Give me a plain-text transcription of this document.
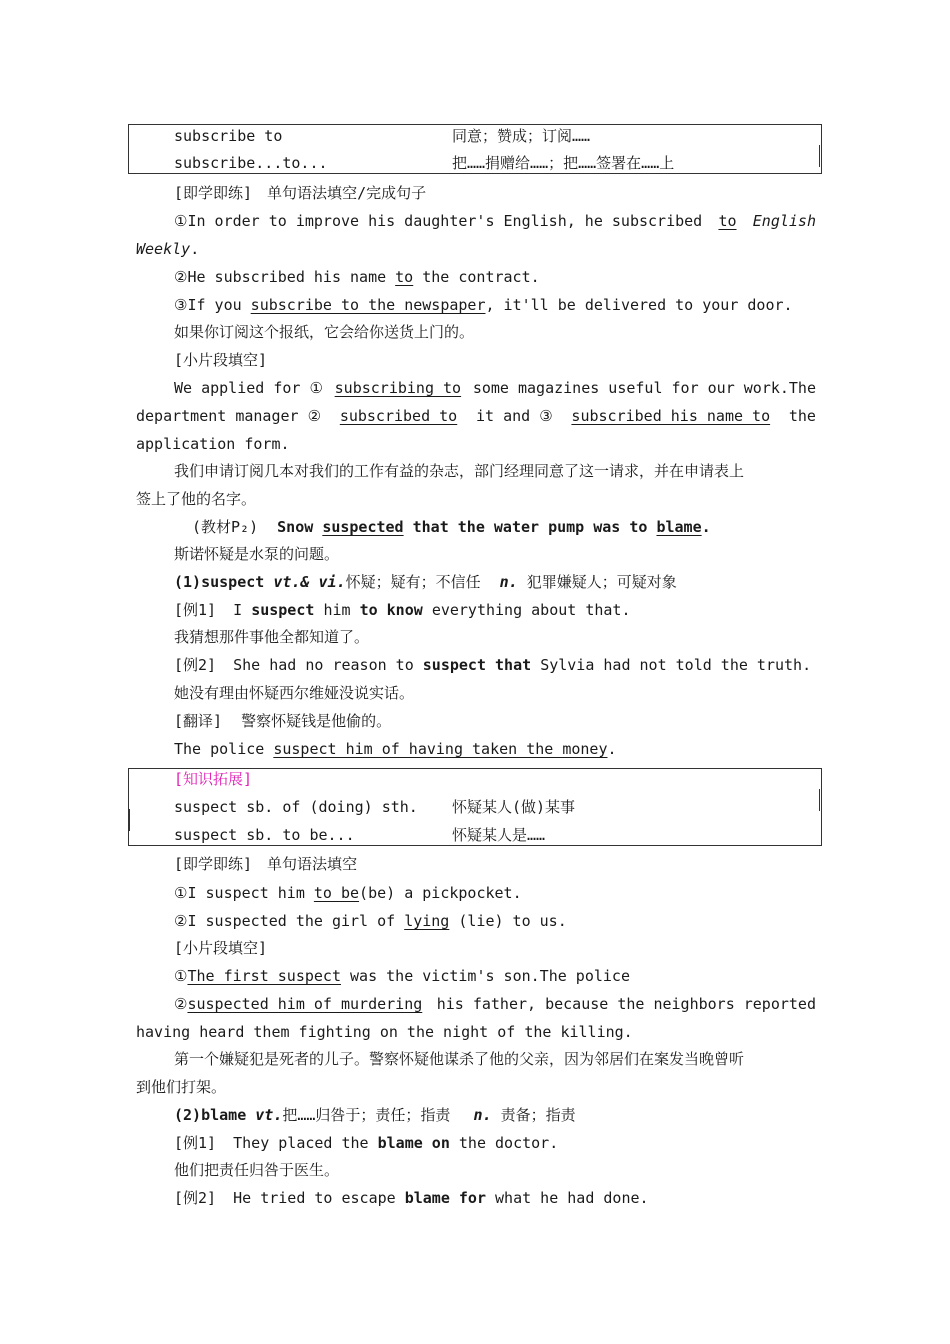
subscribe to	同意；赞成；订阅……
subscribe...to...	把……捐赠给……；把……签署在……上
[即学即练]　单句语法填空/完成句子
①In order to improve his daughter's English, he subscribed to English
Weekly.
②He subscribed his name to the contract.
③If you subscribe to the newspaper, it'll be delivered to your door.
如果你订阅这个报纸，它会给你送货上门的。
[小片段填空]
We applied for ① subscribing to some magazines useful for our work.The
department manager ② subscribed to it and ③ subscribed his name to the
application form.
我们申请订阅几本对我们的工作有益的杂志，部门经理同意了这一请求，并在申请表上
签上了他的名字。
(教材P₂) Snow suspected that the water pump was to blame.
斯诺怀疑是水泵的问题。
(1)suspect vt.& vi.怀疑；疑有；不信任 n. 犯罪嫌疑人；可疑对象
[例1] I suspect him to know everything about that.
我猜想那件事他全都知道了。
[例2] She had no reason to suspect that Sylvia had not told the truth.
她没有理由怀疑西尔维娅没说实话。
[翻译] 警察怀疑钱是他偷的。
The police suspect him of having taken the money.
[知识拓展]
suspect sb. of (doing) sth. 怀疑某人(做)某事
suspect sb. to be...	怀疑某人是……
[即学即练]　单句语法填空
①I suspect him to be(be) a pickpocket.
②I suspected the girl of lying (lie) to us.
[小片段填空]
①The first suspect was the victim's son.The police
②suspected him of murdering his father, because the neighbors reported
having heard them fighting on the night of the killing.
第一个嫌疑犯是死者的儿子。警察怀疑他谋杀了他的父亲，因为邻居们在案发当晚曾听
到他们打架。
(2)blame vt.把……归咎于；责任；指责 n. 责备；指责
[例1] They placed the blame on the doctor.
他们把责任归咎于医生。
[例2] He tried to escape blame for what he had done.
